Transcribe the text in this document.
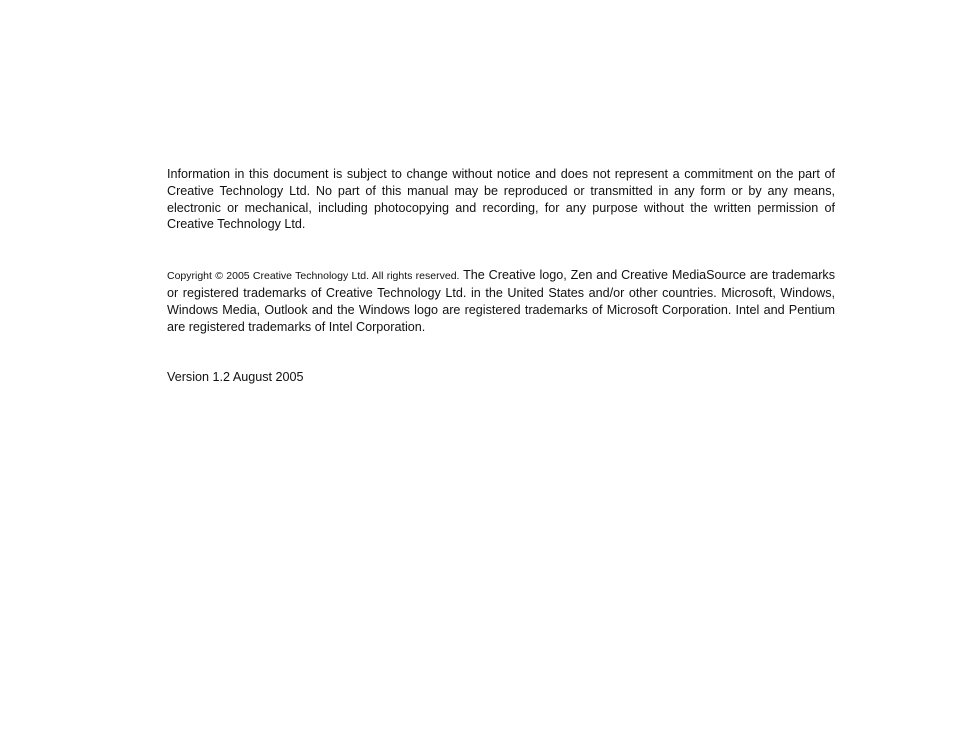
Information in this document is subject to change without notice and does not represent a commitment on the part of Creative Technology Ltd. No part of this manual may be reproduced or transmitted in any form or by any means, electronic or mechanical, including photocopying and recording, for any purpose without the written permission of Creative Technology Ltd.

Copyright © 2005 Creative Technology Ltd. All rights reserved. The Creative logo, Zen and Creative MediaSource are trademarks or registered trademarks of Creative Technology Ltd. in the United States and/or other countries. Microsoft, Windows, Windows Media, Outlook and the Windows logo are registered trademarks of Microsoft Corporation. Intel and Pentium are registered trademarks of Intel Corporation.

Version 1.2 August 2005
